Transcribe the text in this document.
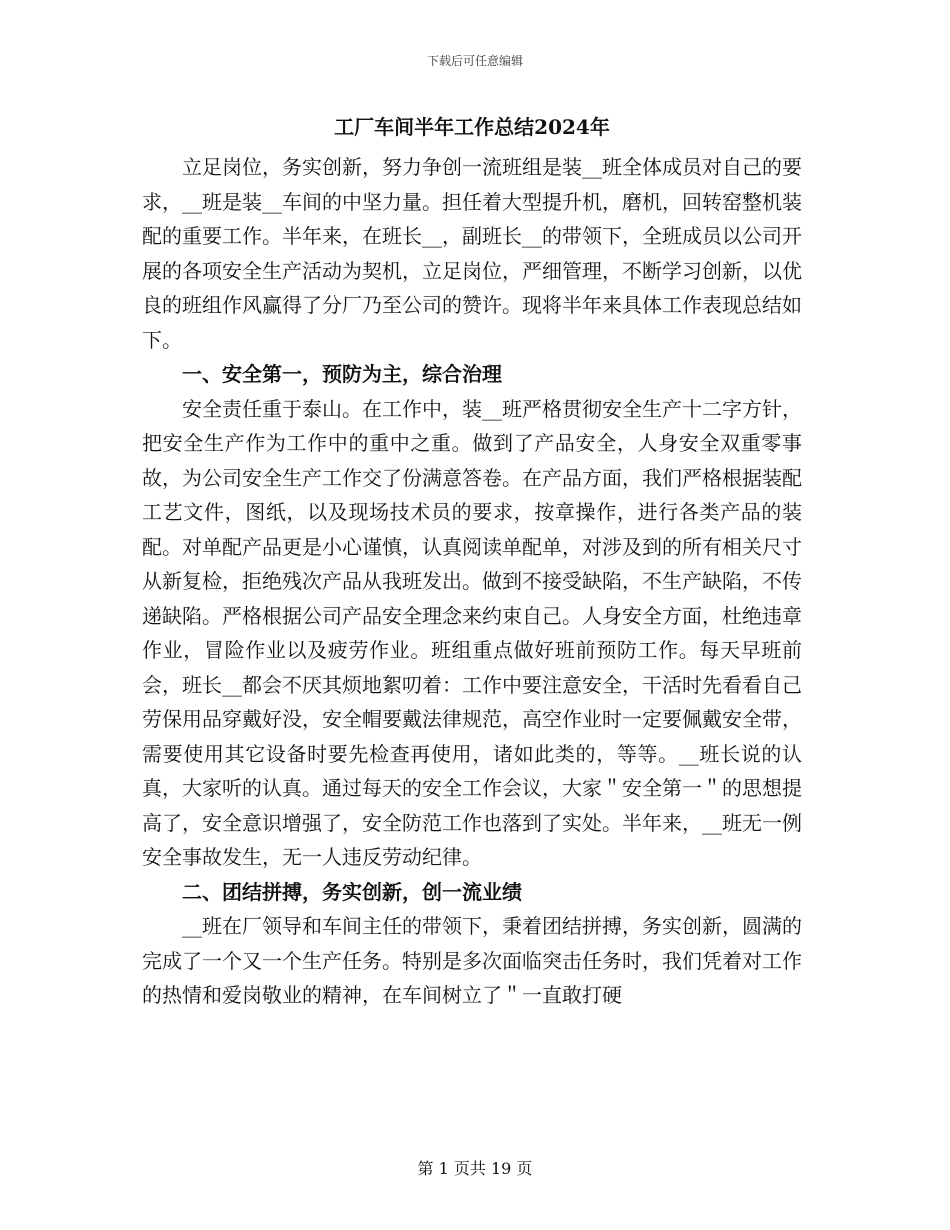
下载后可任意编辑
工厂车间半年工作总结2024年

立足岗位，务实创新，努力争创一流班组是装__班全体成员对自己的要求，__班是装__车间的中坚力量。担任着大型提升机，磨机，回转窑整机装配的重要工作。半年来，在班长__，副班长__的带领下，全班成员以公司开展的各项安全生产活动为契机，立足岗位，严细管理，不断学习创新，以优良的班组作风赢得了分厂乃至公司的赞许。现将半年来具体工作表现总结如下。

一、安全第一，预防为主，综合治理

安全责任重于泰山。在工作中，装__班严格贯彻安全生产十二字方针，把安全生产作为工作中的重中之重。做到了产品安全，人身安全双重零事故，为公司安全生产工作交了份满意答卷。在产品方面，我们严格根据装配工艺文件，图纸，以及现场技术员的要求，按章操作，进行各类产品的装配。对单配产品更是小心谨慎，认真阅读单配单，对涉及到的所有相关尺寸从新复检，拒绝残次产品从我班发出。做到不接受缺陷，不生产缺陷，不传递缺陷。严格根据公司产品安全理念来约束自己。人身安全方面，杜绝违章作业，冒险作业以及疲劳作业。班组重点做好班前预防工作。每天早班前会，班长__都会不厌其烦地絮叨着：工作中要注意安全，干活时先看看自己劳保用品穿戴好没，安全帽要戴法律规范，高空作业时一定要佩戴安全带，需要使用其它设备时要先检查再使用，诸如此类的，等等。__班长说的认真，大家听的认真。通过每天的安全工作会议，大家＂安全第一＂的思想提高了，安全意识增强了，安全防范工作也落到了实处。半年来，__班无一例安全事故发生，无一人违反劳动纪律。

二、团结拼搏，务实创新，创一流业绩

__班在厂领导和车间主任的带领下，秉着团结拼搏，务实创新，圆满的完成了一个又一个生产任务。特别是多次面临突击任务时，我们凭着对工作的热情和爱岗敬业的精神，在车间树立了＂一直敢打硬

第 1 页共 19 页
